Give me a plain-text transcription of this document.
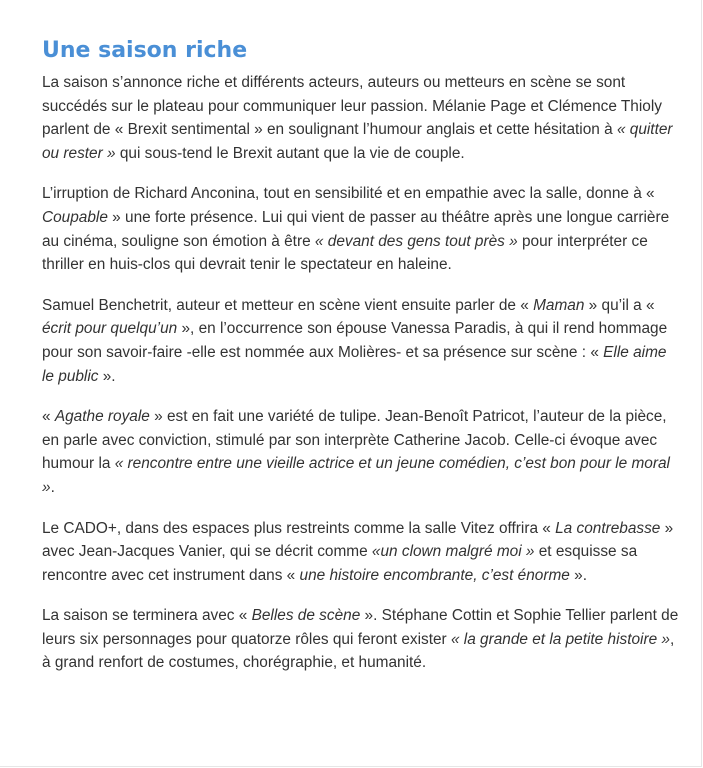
Une saison riche

La saison s’annonce riche et différents acteurs, auteurs ou metteurs en scène se sont succédés sur le plateau pour communiquer leur passion. Mélanie Page et Clémence Thioly parlent de « Brexit sentimental » en soulignant l’humour anglais et cette hésitation à « quitter ou rester » qui sous-tend le Brexit autant que la vie de couple.

L’irruption de Richard Anconina, tout en sensibilité et en empathie avec la salle, donne à « Coupable » une forte présence. Lui qui vient de passer au théâtre après une longue carrière au cinéma, souligne son émotion à être « devant des gens tout près » pour interpréter ce thriller en huis-clos qui devrait tenir le spectateur en haleine.

Samuel Benchetrit, auteur et metteur en scène vient ensuite parler de « Maman » qu’il a « écrit pour quelqu’un », en l’occurrence son épouse Vanessa Paradis, à qui il rend hommage pour son savoir-faire -elle est nommée aux Molières- et sa présence sur scène : « Elle aime le public ».

« Agathe royale » est en fait une variété de tulipe. Jean-Benoît Patricot, l’auteur de la pièce, en parle avec conviction, stimulé par son interprète Catherine Jacob. Celle-ci évoque avec humour la « rencontre entre une vieille actrice et un jeune comédien, c’est bon pour le moral ».

Le CADO+, dans des espaces plus restreints comme la salle Vitez offrira « La contrebasse » avec Jean-Jacques Vanier, qui se décrit comme «un clown malgré moi » et esquisse sa rencontre avec cet instrument dans « une histoire encombrante, c’est énorme ».

La saison se terminera avec « Belles de scène ». Stéphane Cottin et Sophie Tellier parlent de leurs six personnages pour quatorze rôles qui feront exister « la grande et la petite histoire », à grand renfort de costumes, chorégraphie, et humanité.
